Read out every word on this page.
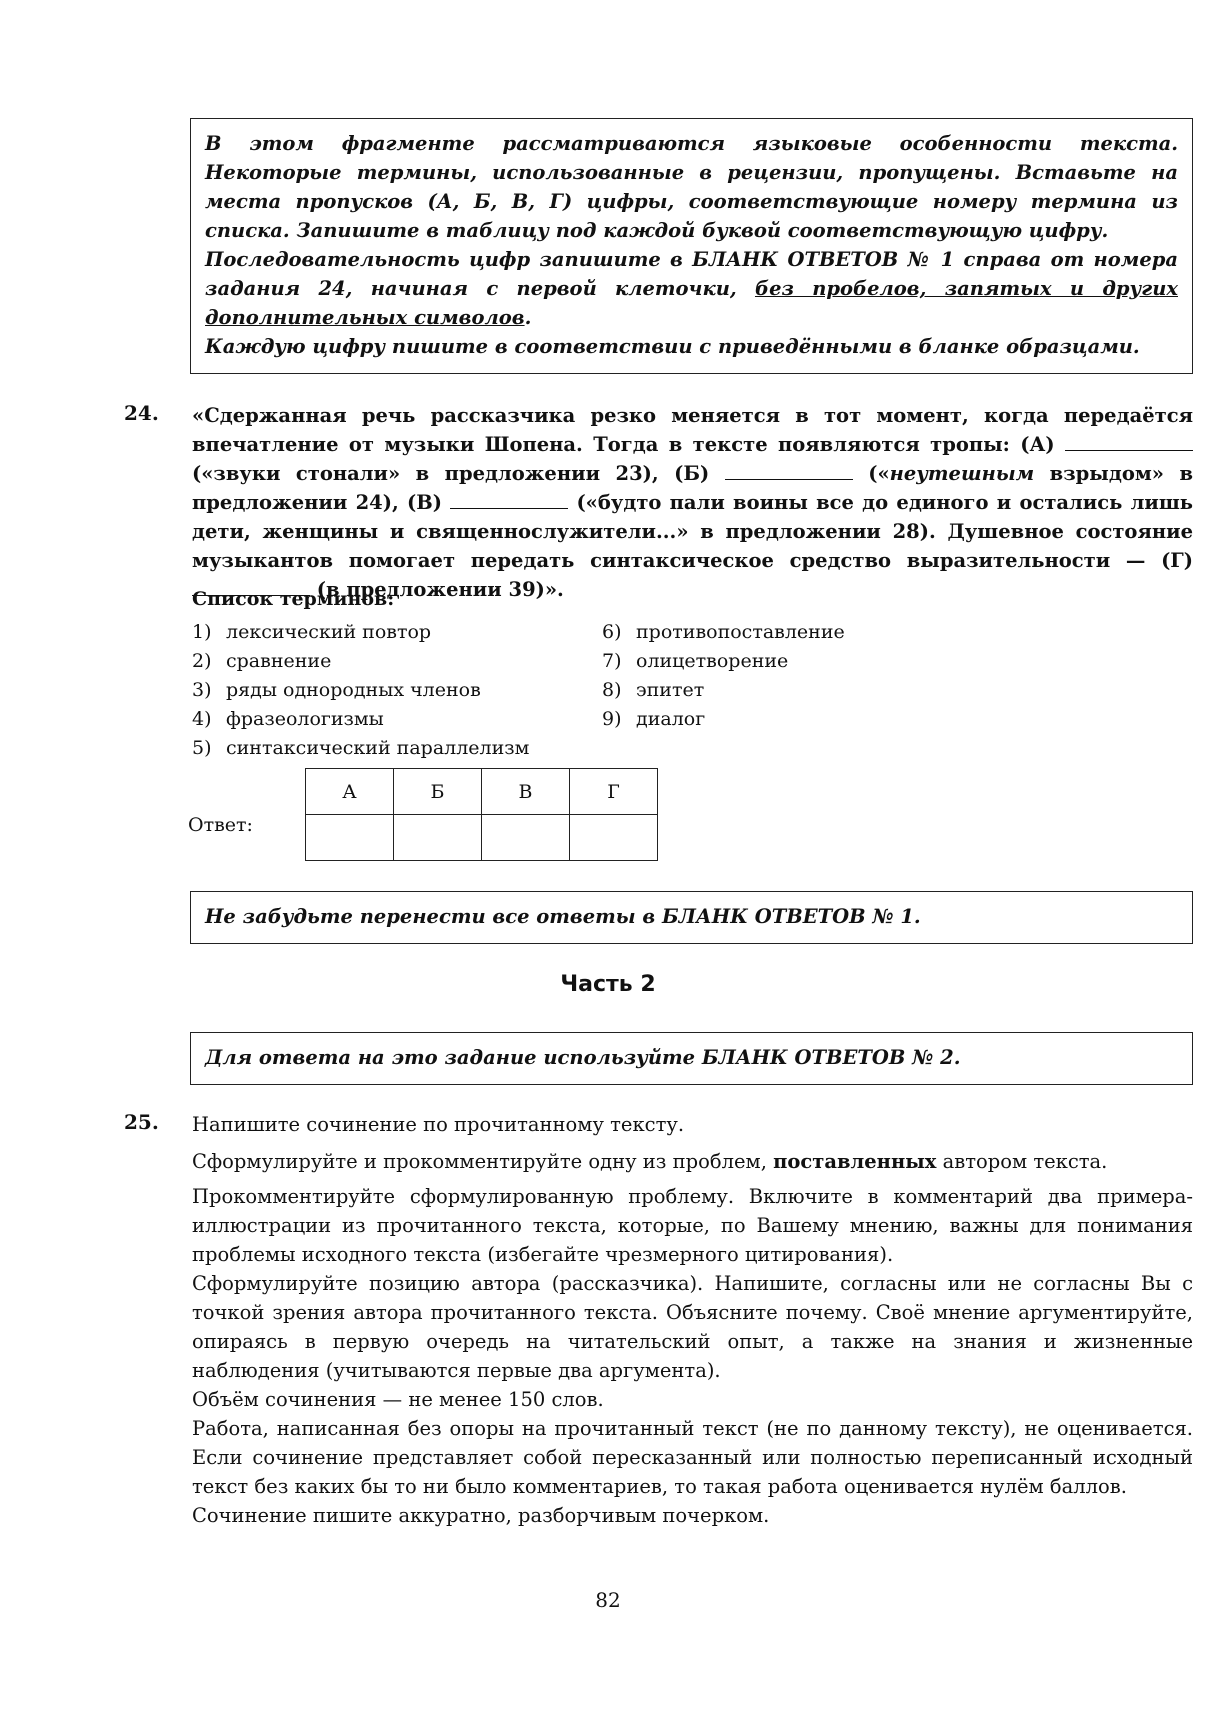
В этом фрагменте рассматриваются языковые особенности текста. Некоторые термины, использованные в рецензии, пропущены. Вставьте на места пропусков (А, Б, В, Г) цифры, соответствующие номеру термина из списка. Запишите в таблицу под каждой буквой соответствующую цифру.

Последовательность цифр запишите в БЛАНК ОТВЕТОВ № 1 справа от номера задания 24, начиная с первой клеточки, без пробелов, запятых и других дополнительных символов.

Каждую цифру пишите в соответствии с приведёнными в бланке образцами.

24. «Сдержанная речь рассказчика резко меняется в тот момент, когда передаётся впечатление от музыки Шопена. Тогда в тексте появляются тропы: (А)  («звуки стонали» в предложении 23), (Б)	(«неутешным взрыдом» в предложении 24), (В)	(«будто пали воины все до единого и остались лишь дети, женщины и священнослужители...» в предложении 28). Душевное состояние музыкантов помогает передать синтаксическое средство выразительности — (Г)  (в предложении 39)».
Список терминов:
1) лексический повтор
2) сравнение
3) ряды однородных членов
4) фразеологизмы
5) синтаксический параллелизм
6) противопоставление
7) олицетворение
8) эпитет
9) диалог
Ответ:
А	Б	В	Г

Не забудьте перенести все ответы в БЛАНК ОТВЕТОВ № 1.

Часть 2

Для ответа на это задание используйте БЛАНК ОТВЕТОВ № 2.

25. Напишите сочинение по прочитанному тексту.

Сформулируйте и прокомментируйте одну из проблем, поставленных автором текста.

Прокомментируйте сформулированную проблему. Включите в комментарий два примера-иллюстрации из прочитанного текста, которые, по Вашему мнению, важны для понимания проблемы исходного текста (избегайте чрезмерного цитирования).

Сформулируйте позицию автора (рассказчика). Напишите, согласны или не согласны Вы с точкой зрения автора прочитанного текста. Объясните почему. Своё мнение аргументируйте, опираясь в первую очередь на читательский опыт, а также на знания и жизненные наблюдения (учитываются первые два аргумента).

Объём сочинения — не менее 150 слов.

Работа, написанная без опоры на прочитанный текст (не по данному тексту), не оценивается. Если сочинение представляет собой пересказанный или полностью переписанный исходный текст без каких бы то ни было комментариев, то такая работа оценивается нулём баллов.

Сочинение пишите аккуратно, разборчивым почерком.

82
